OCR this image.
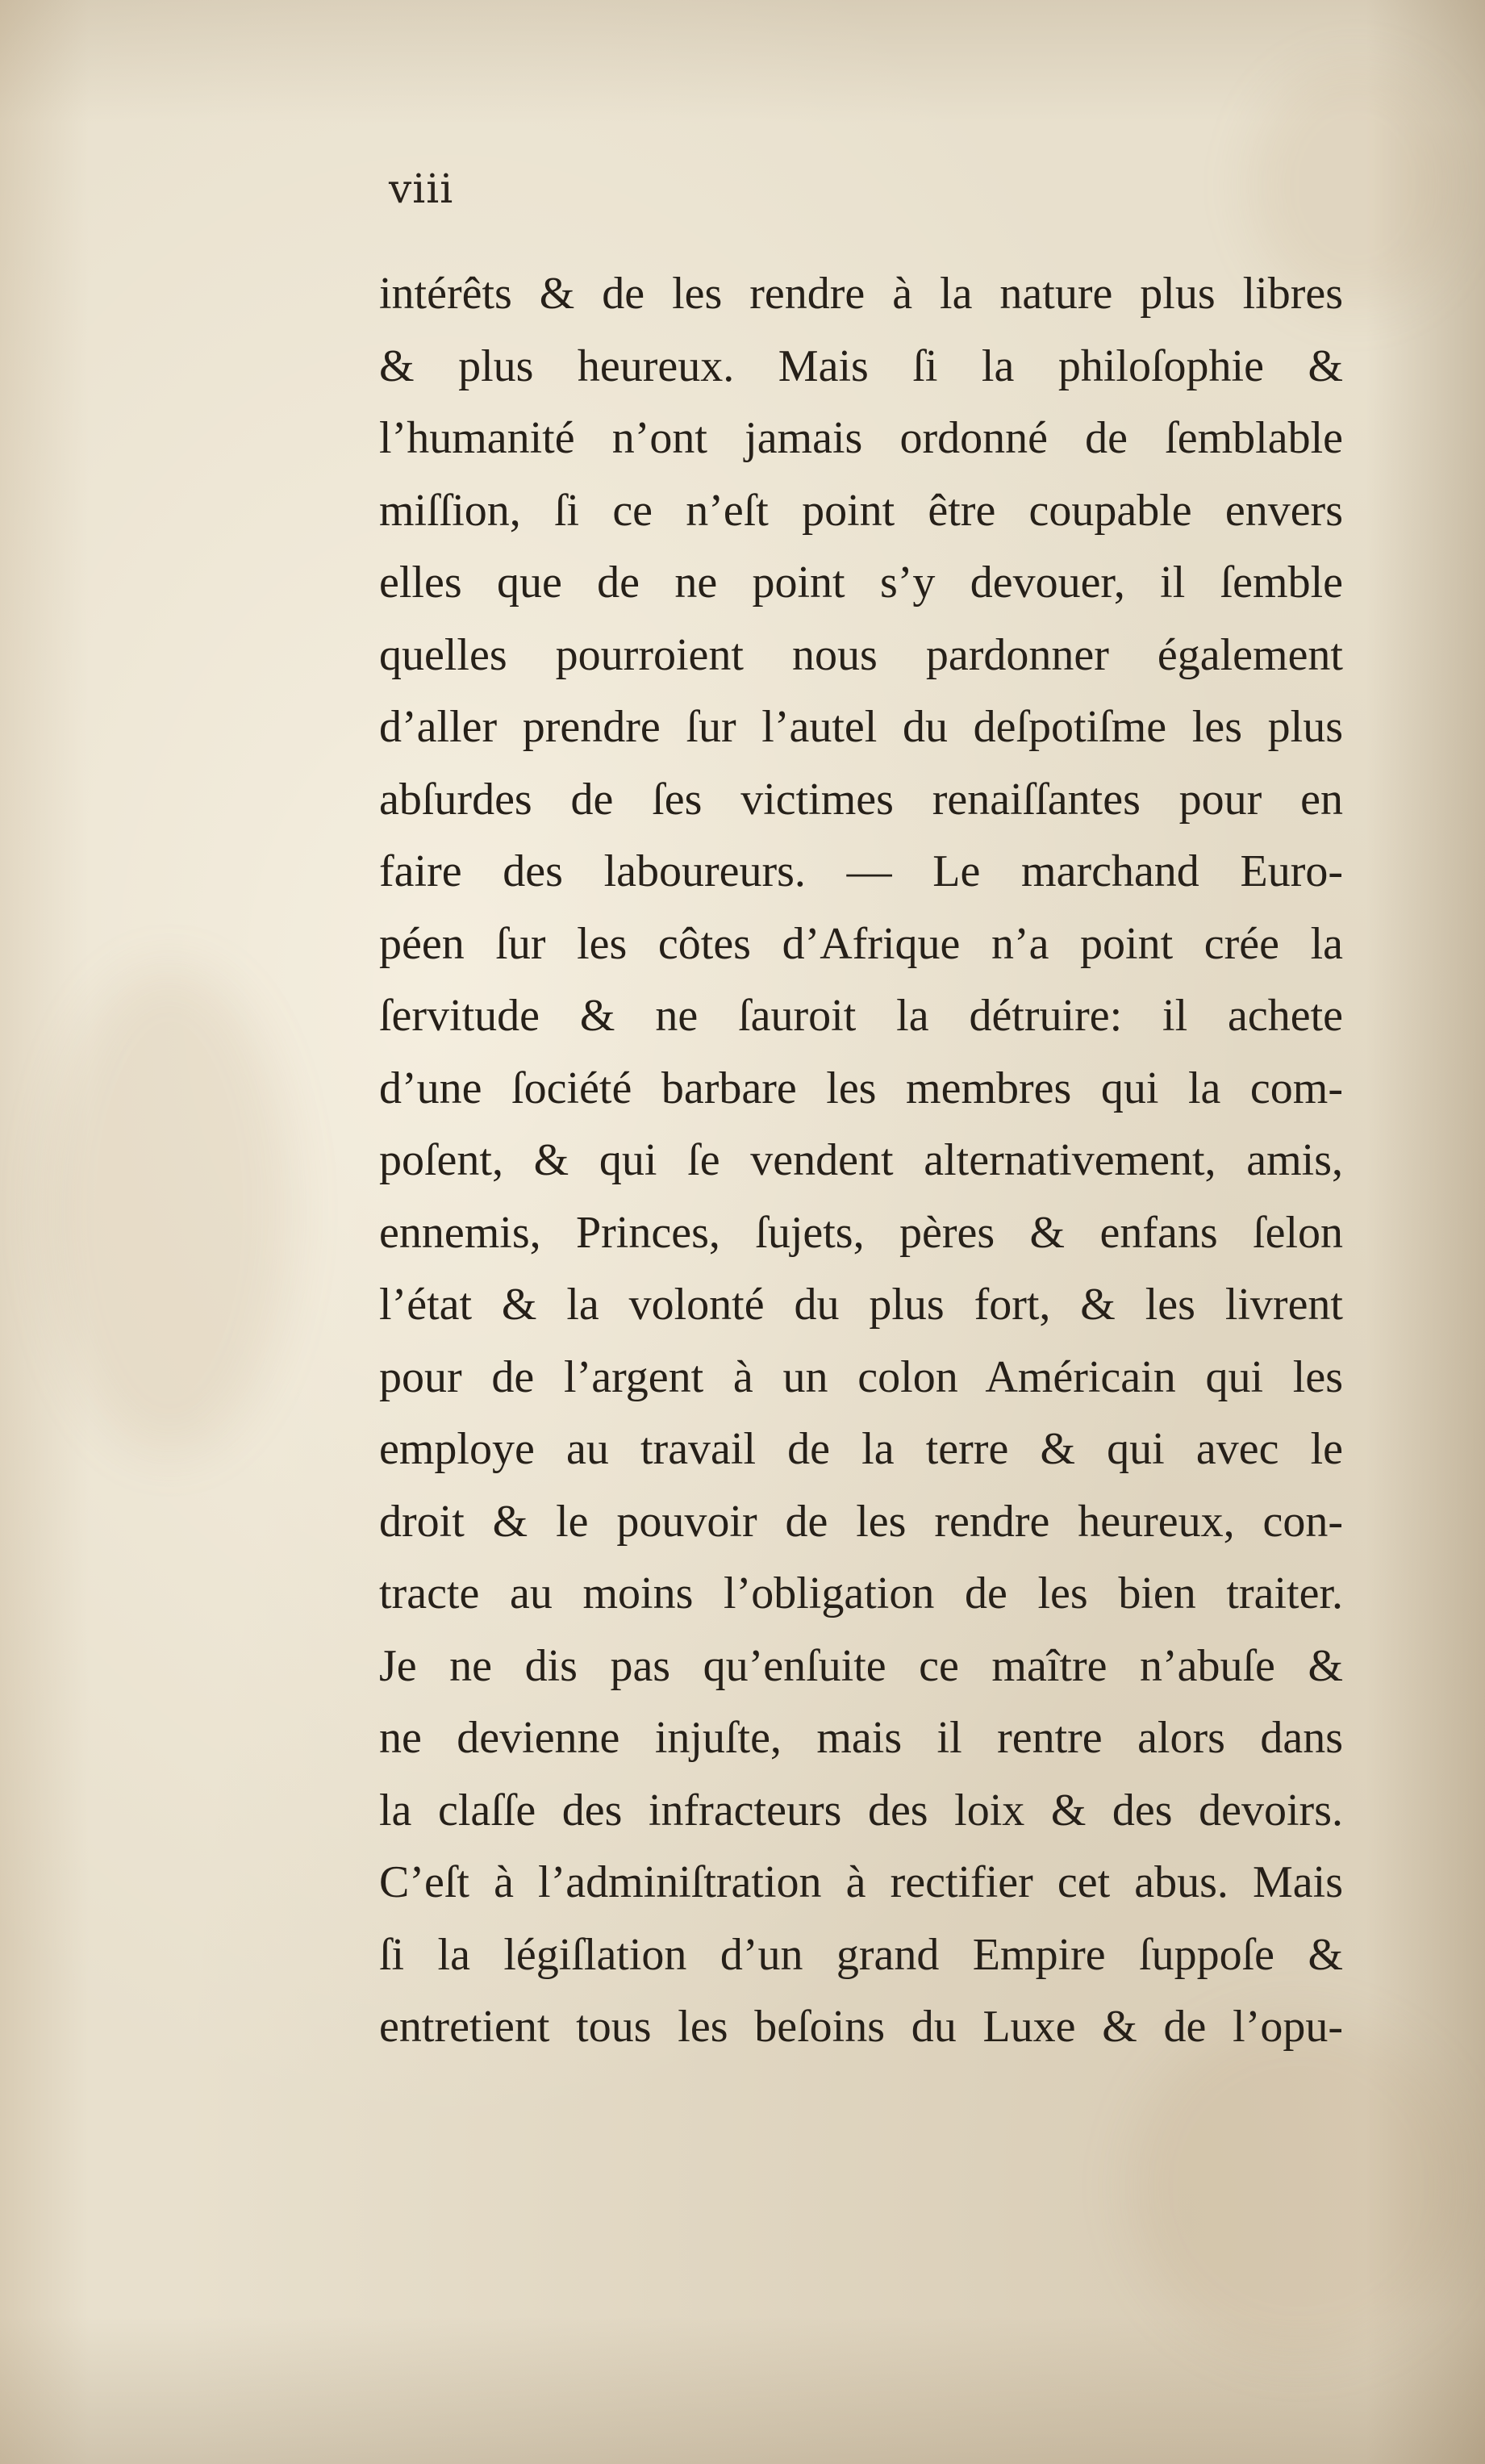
viii
intérêts & de les rendre à la nature plus libres
& plus heureux. Mais ſi la philoſophie &
l’humanité n’ont jamais ordonné de ſemblable
miſſion, ſi ce n’eſt point être coupable envers
elles que de ne point s’y devouer, il ſemble
quelles pourroient nous pardonner également
d’aller prendre ſur l’autel du deſpotiſme les plus
abſurdes de ſes victimes renaiſſantes pour en
faire des laboureurs. — Le marchand Euro-
péen ſur les côtes d’Afrique n’a point crée la
ſervitude & ne ſauroit la détruire: il achete
d’une ſociété barbare les membres qui la com-
poſent, & qui ſe vendent alternativement, amis,
ennemis, Princes, ſujets, pères & enfans ſelon
l’état & la volonté du plus fort, & les livrent
pour de l’argent à un colon Américain qui les
employe au travail de la terre & qui avec le
droit & le pouvoir de les rendre heureux, con-
tracte au moins l’obligation de les bien traiter.
Je ne dis pas qu’enſuite ce maître n’abuſe &
ne devienne injuſte, mais il rentre alors dans
la claſſe des infracteurs des loix & des devoirs.
C’eſt à l’adminiſtration à rectifier cet abus. Mais
ſi la légiſlation d’un grand Empire ſuppoſe &
entretient tous les beſoins du Luxe & de l’opu-
